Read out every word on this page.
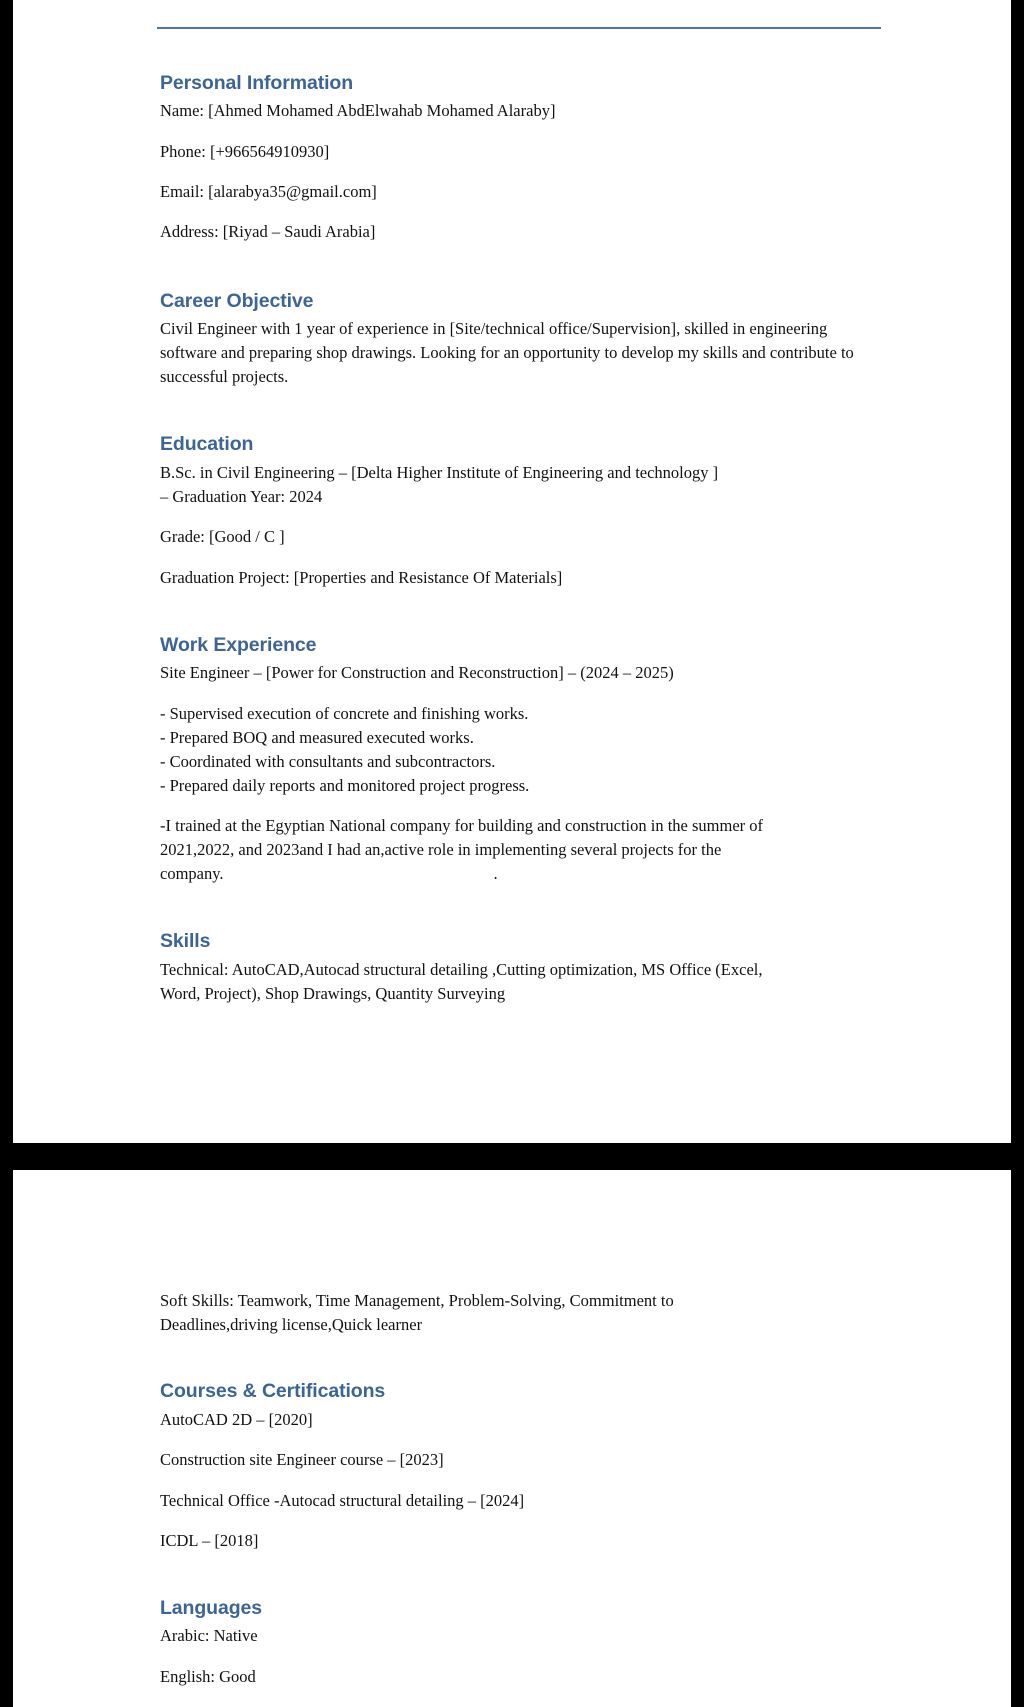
Personal Information
Name: [Ahmed Mohamed AbdElwahab Mohamed Alaraby]
Phone: [+966564910930]
Email: [alarabya35@gmail.com]
Address: [Riyad – Saudi Arabia]
Career Objective
Civil Engineer with 1 year of experience in [Site/technical office/Supervision], skilled in engineering software and preparing shop drawings. Looking for an opportunity to develop my skills and contribute to successful projects.
Education
B.Sc. in Civil Engineering – [Delta Higher Institute of Engineering and technology ]
– Graduation Year: 2024
Grade: [Good / C ]
Graduation Project: [Properties and Resistance Of Materials]
Work Experience
Site Engineer – [Power for Construction and Reconstruction] – (2024 – 2025)
- Supervised execution of concrete and finishing works.
- Prepared BOQ and measured executed works.
- Coordinated with consultants and subcontractors.
- Prepared daily reports and monitored project progress.
-I trained at the Egyptian National company for building and construction in the summer of
2021,2022, and 2023and I had an,active role in implementing several projects for the
company.	.
Skills
Technical: AutoCAD,Autocad structural detailing ,Cutting optimization, MS Office (Excel,
Word, Project), Shop Drawings, Quantity Surveying
Soft Skills: Teamwork, Time Management, Problem-Solving, Commitment to
Deadlines,driving license,Quick learner
Courses & Certifications
AutoCAD 2D – [2020]
Construction site Engineer course – [2023]
Technical Office -Autocad structural detailing – [2024]
ICDL – [2018]
Languages
Arabic: Native
English: Good
